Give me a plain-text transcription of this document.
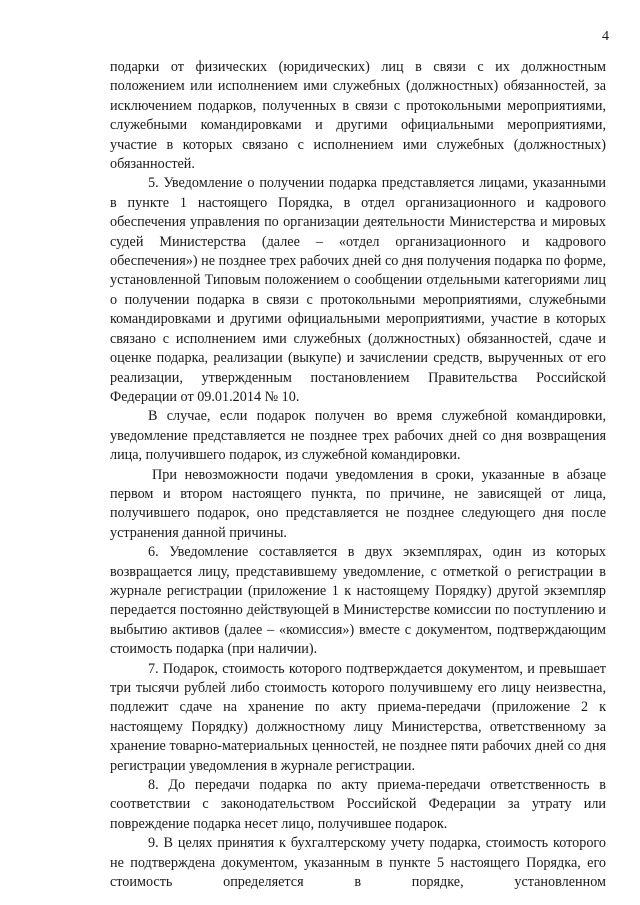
4

подарки от физических (юридических) лиц в связи с их должностным положением или исполнением ими служебных (должностных) обязанностей, за исключением подарков, полученных в связи с протокольными мероприятиями, служебными командировками и другими официальными мероприятиями, участие в которых связано с исполнением ими служебных (должностных) обязанностей.

5. Уведомление о получении подарка представляется лицами, указанными в пункте 1 настоящего Порядка, в отдел организационного и кадрового обеспечения управления по организации деятельности Министерства и мировых судей Министерства (далее – «отдел организационного и кадрового обеспечения») не позднее трех рабочих дней со дня получения подарка по форме, установленной Типовым положением о сообщении отдельными категориями лиц о получении подарка в связи с протокольными мероприятиями, служебными командировками и другими официальными мероприятиями, участие в которых связано с исполнением ими служебных (должностных) обязанностей, сдаче и оценке подарка, реализации (выкупе) и зачислении средств, вырученных от его реализации, утвержденным постановлением Правительства Российской Федерации от 09.01.2014 № 10.

В случае, если подарок получен во время служебной командировки, уведомление представляется не позднее трех рабочих дней со дня возвращения лица, получившего подарок, из служебной командировки.

При невозможности подачи уведомления в сроки, указанные в абзаце первом и втором настоящего пункта, по причине, не зависящей от лица, получившего подарок, оно представляется не позднее следующего дня после устранения данной причины.

6. Уведомление составляется в двух экземплярах, один из которых возвращается лицу, представившему уведомление, с отметкой о регистрации в журнале регистрации (приложение 1 к настоящему Порядку) другой экземпляр передается постоянно действующей в Министерстве комиссии по поступлению и выбытию активов (далее – «комиссия») вместе с документом, подтверждающим стоимость подарка (при наличии).

7. Подарок, стоимость которого подтверждается документом, и превышает три тысячи рублей либо стоимость которого получившему его лицу неизвестна, подлежит сдаче на хранение по акту приема-передачи (приложение 2 к настоящему Порядку) должностному лицу Министерства, ответственному за хранение товарно-материальных ценностей, не позднее пяти рабочих дней со дня регистрации уведомления в журнале регистрации.

8. До передачи подарка по акту приема-передачи ответственность в соответствии с законодательством Российской Федерации за утрату или повреждение подарка несет лицо, получившее подарок.

9. В целях принятия к бухгалтерскому учету подарка, стоимость которого не подтверждена документом, указанным в пункте 5 настоящего Порядка, его стоимость определяется в порядке, установленном
